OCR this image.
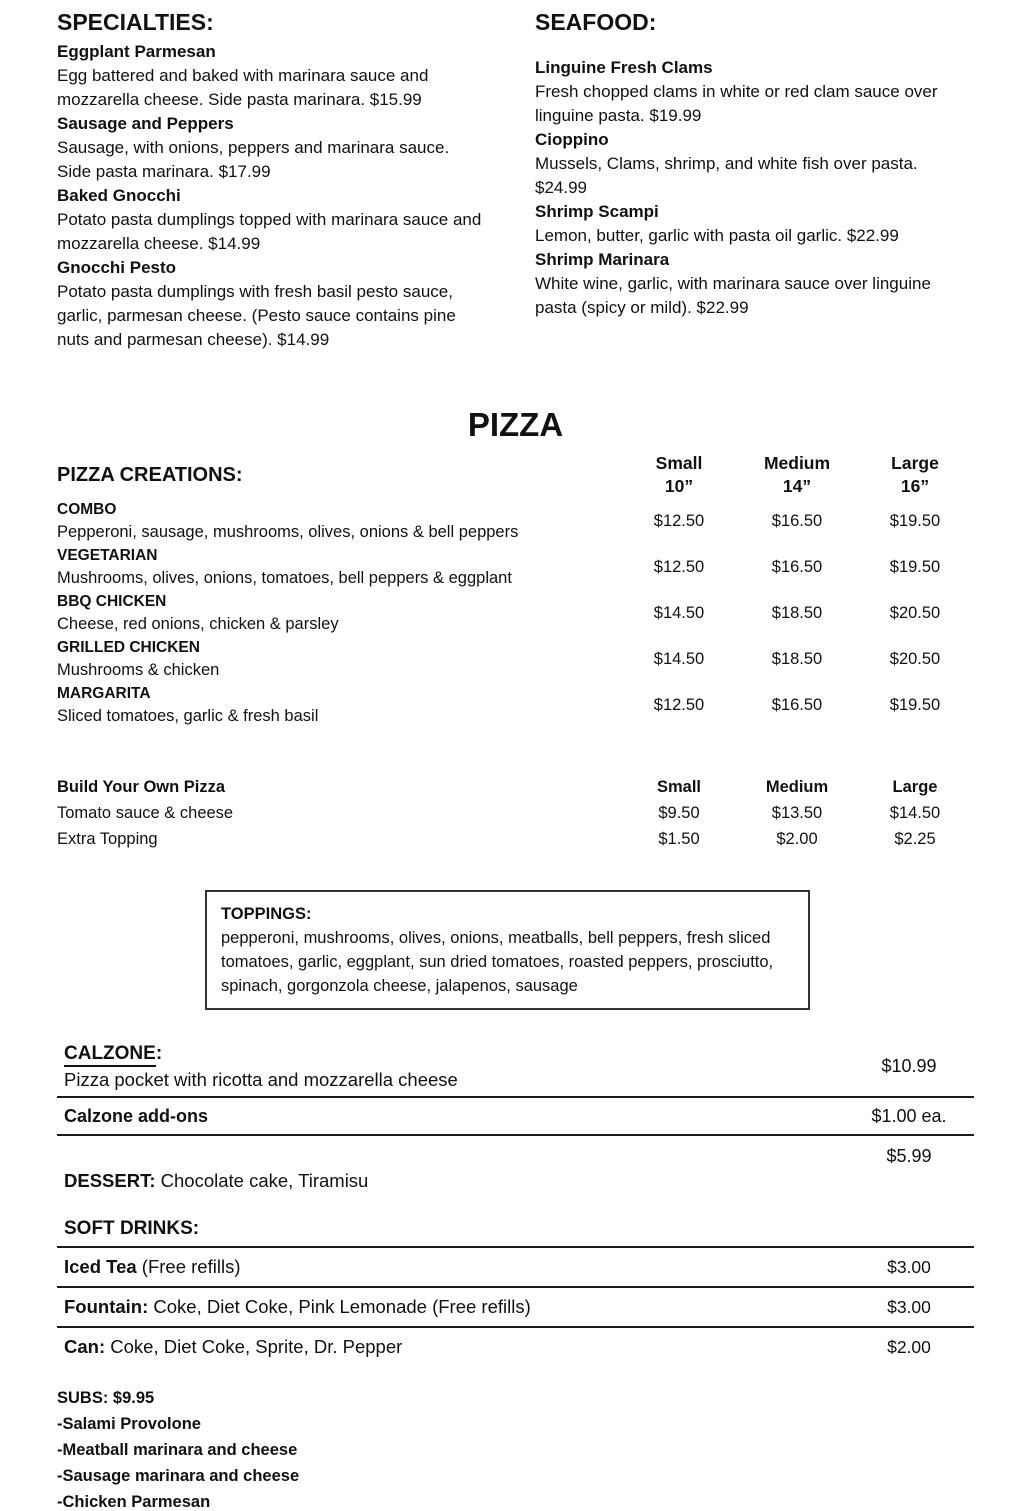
SPECIALTIES:
Eggplant Parmesan
Egg battered and baked with marinara sauce and mozzarella cheese. Side pasta marinara. $15.99
Sausage and Peppers
Sausage, with onions, peppers and marinara sauce. Side pasta marinara. $17.99
Baked Gnocchi
Potato pasta dumplings topped with marinara sauce and mozzarella cheese. $14.99
Gnocchi Pesto
Potato pasta dumplings with fresh basil pesto sauce, garlic, parmesan cheese. (Pesto sauce contains pine nuts and parmesan cheese). $14.99
SEAFOOD:
Linguine Fresh Clams
Fresh chopped clams in white or red clam sauce over linguine pasta. $19.99
Cioppino
Mussels, Clams, shrimp, and white fish over pasta. $24.99
Shrimp Scampi
Lemon, butter, garlic with pasta oil garlic. $22.99
Shrimp Marinara
White wine, garlic, with marinara sauce over linguine pasta (spicy or mild). $22.99
PIZZA
PIZZA CREATIONS:
Small
10”
Medium
14”
Large
16”
COMBO
Pepperoni, sausage, mushrooms, olives, onions & bell peppers
$12.50	$16.50	$19.50
VEGETARIAN
Mushrooms, olives, onions, tomatoes, bell peppers & eggplant
$12.50	$16.50	$19.50
BBQ CHICKEN
Cheese, red onions, chicken & parsley
$14.50	$18.50	$20.50
GRILLED CHICKEN
Mushrooms & chicken
$14.50	$18.50	$20.50
MARGARITA
Sliced tomatoes, garlic & fresh basil
$12.50	$16.50	$19.50
Build Your Own Pizza	Small	Medium	Large
Tomato sauce & cheese	$9.50	$13.50	$14.50
Extra Topping	$1.50	$2.00	$2.25
TOPPINGS:
pepperoni, mushrooms, olives, onions, meatballs, bell peppers, fresh sliced tomatoes, garlic, eggplant, sun dried tomatoes, roasted peppers, prosciutto, spinach, gorgonzola cheese, jalapenos, sausage
CALZONE:
Pizza pocket with ricotta and mozzarella cheese
$10.99
Calzone add-ons	$1.00 ea.
DESSERT: Chocolate cake, Tiramisu
$5.99
SOFT DRINKS:
Iced Tea (Free refills)	$3.00
Fountain: Coke, Diet Coke, Pink Lemonade (Free refills)	$3.00
Can: Coke, Diet Coke, Sprite, Dr. Pepper	$2.00
SUBS: $9.95
-Salami Provolone
-Meatball marinara and cheese
-Sausage marinara and cheese
-Chicken Parmesan
